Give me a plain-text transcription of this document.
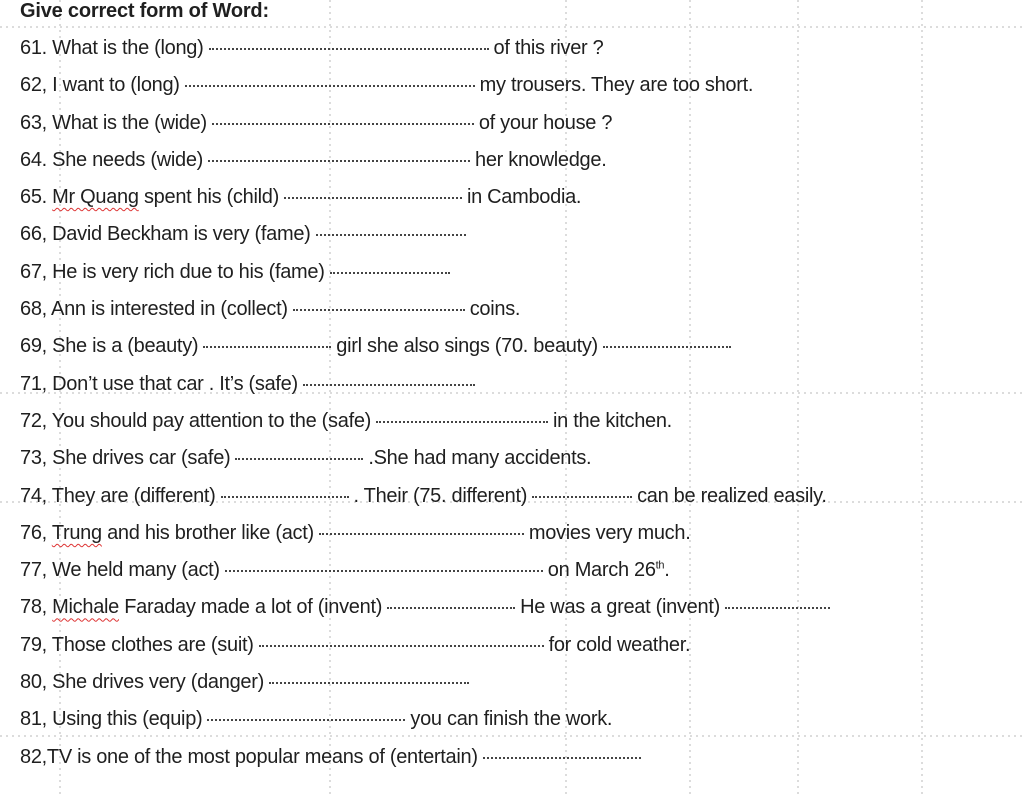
Give correct form of Word:
61. What is the (long)	of this river ?
62, I want to (long)	my trousers. They are too short.
63, What is the (wide)	of your house ?
64. She needs (wide)	her knowledge.
65. Mr Quang spent his (child)	in Cambodia.
66, David Beckham is very (fame)
67, He is very rich due to his (fame)
68, Ann is interested in (collect)	coins.
69, She is a (beauty)	girl she also sings (70. beauty)
71, Don’t use that car . It’s (safe)
72, You should pay attention to the (safe)	in the kitchen.
73, She drives car (safe)	.She had many accidents.
74, They are (different)	. Their (75. different)	can be realized easily.
76, Trung and his brother like (act)	movies very much.
77, We held many (act)	on March 26th.
78, Michale Faraday made a lot of (invent)	He was a great (invent)
79, Those clothes are (suit)	for cold weather.
80, She drives very (danger)
81, Using this (equip)	you can finish the work.
82,TV is one of the most popular means of (entertain)
